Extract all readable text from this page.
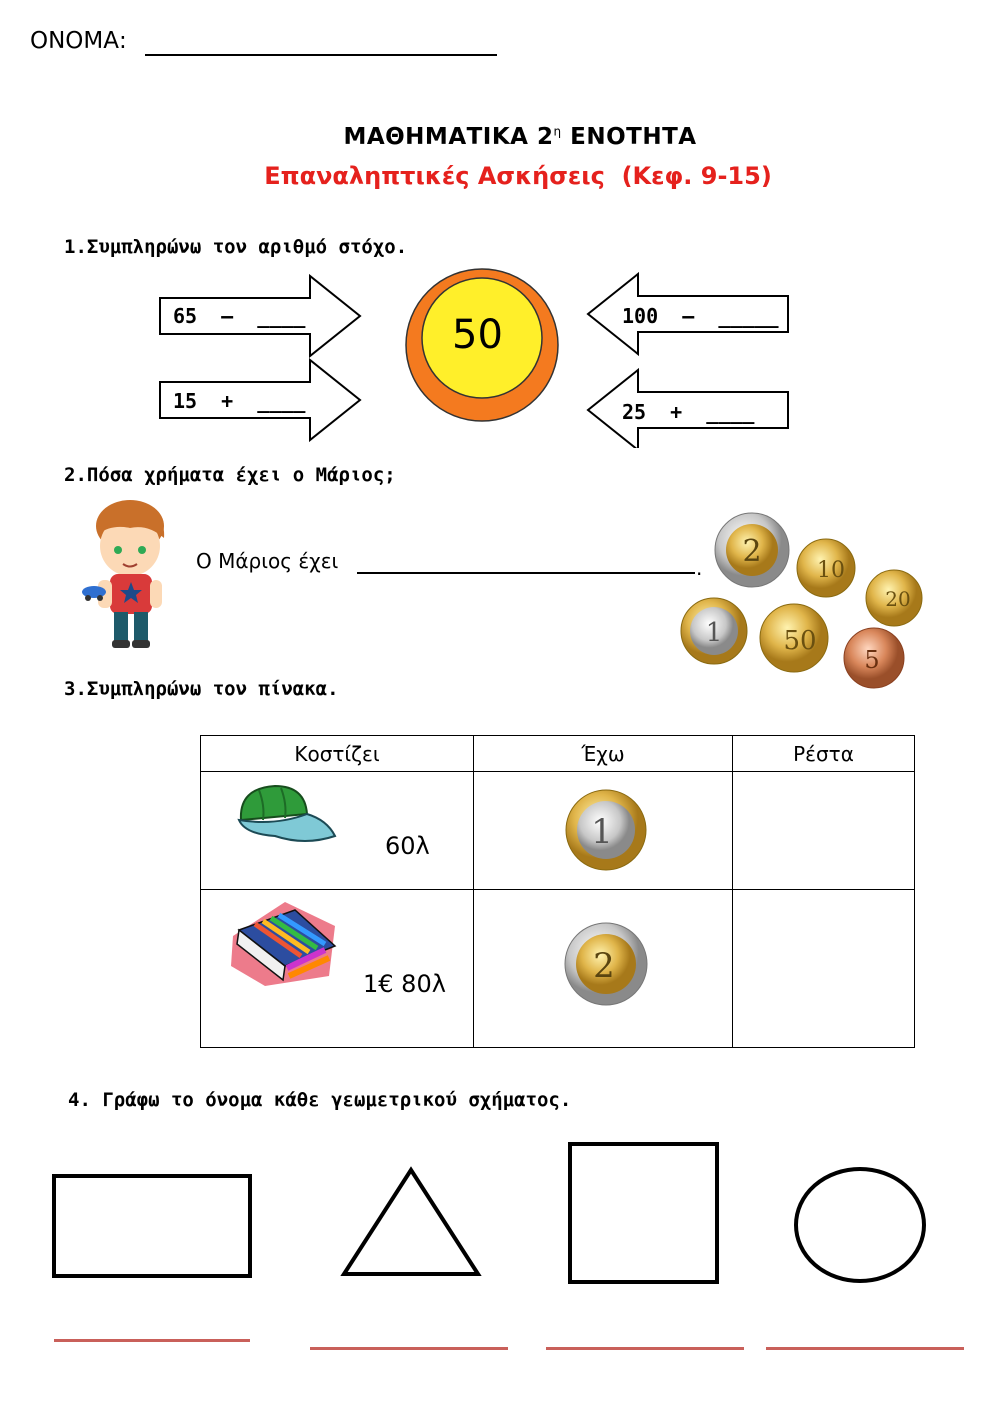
ΟΝΟΜΑ:
ΜΑΘΗΜΑΤΙΚΑ $2^\eta$ ΕΝΟΤΗΤΑ
Επαναληπτικές Ασκήσεις  (Κεφ. 9-15)
1.Συμπληρώνω τον αριθμό στόχο.
50
65  –  ____
15  +  ____
100  –  _____
25  +  ____
2.Πόσα χρήματα έχει ο Μάριος;
Ο Μάριος έχει	. 2
10
20
1 50
5
3.Συμπληρώνω τον πίνακα.
Κοστίζει	Έχω	Ρέστα

60λ	1	

1€ 80λ	2	

4. Γράφω το όνομα κάθε γεωμετρικού σχήματος.
